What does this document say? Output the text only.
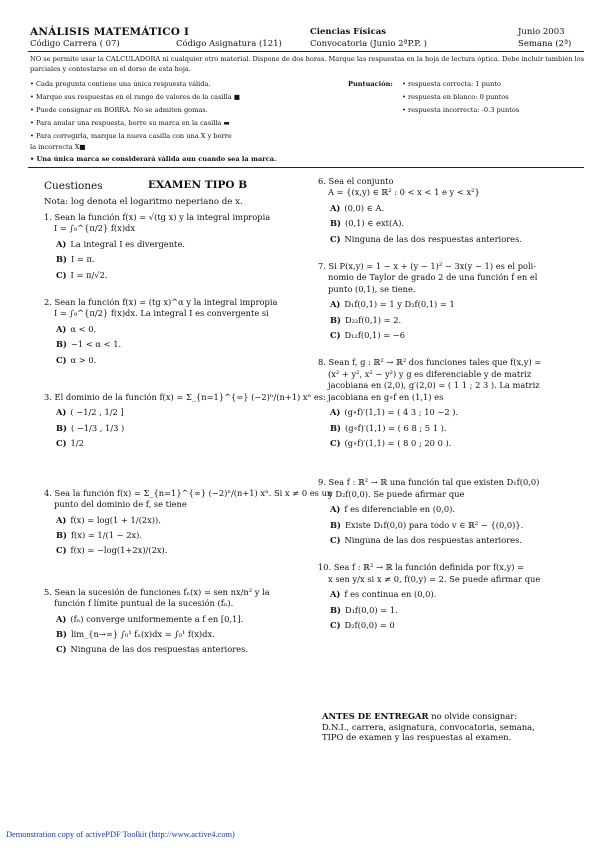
ANÁLISIS MATEMÁTICO I	Ciencias Físicas	Junio 2003
Código Carrera ( 07)	Código Asignatura (121)	Convocatoria (Junio 2ªP.P. )	Semana (2ª)
NO se permite usar la CALCULADORA ni cualquier otro material. Dispone de dos horas. Marque las respuestas en la hoja de lectura óptica. Debe incluir también los
parciales y contestarse en el dorso de esta hoja.
• Cada pregunta contiene una única respuesta válida.
• Marque sus respuestas en el rango de valores de la casilla ■
• Puede consignar en BORRA. No se admiten gomas.
• Para anular una respuesta, borre su marca en la casilla ▬
• Para corregirla, marque la nueva casilla con una X y borre
la incorrecta X■
• Una única marca se considerará válida aun cuando sea la marca.
Puntuación: • respuesta correcta: 1 punto
• respuesta en blanco: 0 puntos
• respuesta incorrecta: -0.3 puntos
Cuestiones	EXAMEN TIPO B
Nota: log denota el logaritmo neperiano de x.

1. Sean la función f(x) = √(tg x) y la integral impropia

I = ∫₀^{π/2} f(x)dx

A) La integral I es divergente.

B) I = π.

C) I = π/√2.

2. Sean la función f(x) = (tg x)^α y la integral impropia

I = ∫₀^{π/2} f(x)dx. La integral I es convergente si

A) α < 0.

B) −1 < α < 1.

C) α > 0.

3. El dominio de la función f(x) = Σ_{n=1}^{∞} (−2)ⁿ/(n+1) xⁿ es:

A) ( −1/2 , 1/2 ]

B) ( −1/3 , 1/3 )

C) 1/2

4. Sea la función f(x) = Σ_{n=1}^{∞} (−2)ⁿ/(n+1) xⁿ. Si x ≠ 0 es un

punto del dominio de f, se tiene

A) f(x) = log(1 + 1/(2x)).

B) f(x) = 1/(1 − 2x).

C) f(x) = −log(1+2x)/(2x).

5. Sean la sucesión de funciones fₙ(x) = sen nx/n² y la

función f límite puntual de la sucesión (fₙ).

A) (fₙ) converge uniformemente a f en [0,1].

B) lim_{n→∞} ∫₀¹ fₙ(x)dx = ∫₀¹ f(x)dx.

C) Ninguna de las dos respuestas anteriores.

6. Sea el conjunto

A = {(x,y) ∈ ℝ² : 0 < x < 1 e y < x²}

A) (0,0) ∈ A.

B) (0,1) ∈ ext(A).

C) Ninguna de las dos respuestas anteriores.

7. Si P(x,y) = 1 − x + (y − 1)² − 3x(y − 1) es el poli-

nomio de Taylor de grado 2 de una función f en el

punto (0,1), se tiene.

A) D₁f(0,1) = 1 y D₂f(0,1) = 1

B) D₂₂f(0,1) = 2.

C) D₁₂f(0,1) = −6

8. Sean f, g : ℝ² → ℝ² dos funciones tales que f(x,y) =

(x² + y², x² − y²) y g es diferenciable y de matriz

jacobiana en (2,0), g′(2,0) = ( 1 1 ; 2 3 ). La matriz

jacobiana en g∘f en (1,1) es

A) (g∘f)′(1,1) = ( 4 3 ; 10 −2 ).

B) (g∘f)′(1,1) = ( 6 8 ; 5 1 ).

C) (g∘f)′(1,1) = ( 8 0 ; 20 0 ).

9. Sea f : ℝ² → ℝ una función tal que existen D₁f(0,0)

y D₂f(0,0). Se puede afirmar que

A) f es diferenciable en (0,0).

B) Existe D₁f(0,0) para todo v ∈ ℝ² − {(0,0)}.

C) Ninguna de las dos respuestas anteriores.

10. Sea f : ℝ² → ℝ la función definida por f(x,y) =

x sen y/x si x ≠ 0, f(0,y) = 2. Se puede afirmar que

A) f es continua en (0,0).

B) D₁f(0,0) = 1.

C) D₂f(0,0) = 0

ANTES DE ENTREGAR no olvide consignar:
D.N.I., carrera, asignatura, convocatoria, semana,
TIPO de examen y las respuestas al examen.
Demonstration copy of activePDF Toolkit (http://www.active4.com)
